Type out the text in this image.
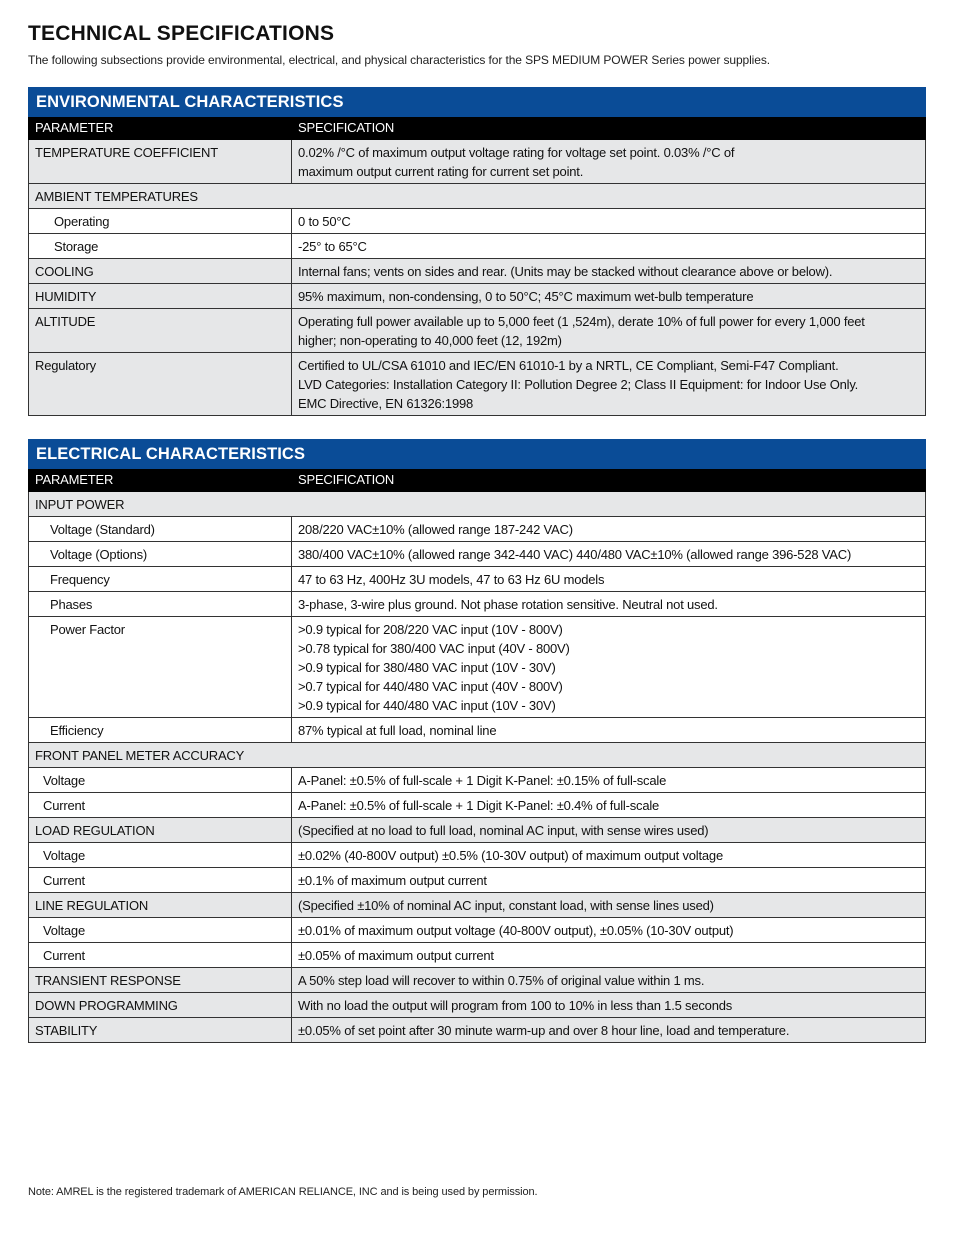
TECHNICAL SPECIFICATIONS

The following subsections provide environmental, electrical, and physical characteristics for the SPS MEDIUM POWER Series power supplies.

ENVIRONMENTAL CHARACTERISTICS	
PARAMETER	SPECIFICATION
TEMPERATURE COEFFICIENT	0.02% /°C of maximum output voltage rating for voltage set point. 0.03% /°C of
maximum output current rating for current set point.

AMBIENT TEMPERATURES	
Operating	0 to 50°C
Storage	-25° to 65°C
COOLING	Internal fans; vents on sides and rear. (Units may be stacked without clearance above or below).
HUMIDITY	95% maximum, non-condensing, 0 to 50°C; 45°C maximum wet-bulb temperature
ALTITUDE	Operating full power available up to 5,000 feet (1 ,524m), derate 10% of full power for every 1,000 feet
higher; non-operating to 40,000 feet (12, 192m)

Regulatory	Certified to UL/CSA 61010 and IEC/EN 61010-1 by a NRTL, CE Compliant, Semi-F47 Compliant.
LVD Categories: Installation Category II: Pollution Degree 2; Class II Equipment: for Indoor Use Only.
EMC Directive, EN 61326:1998
ELECTRICAL CHARACTERISTICS	
PARAMETER	SPECIFICATION
INPUT POWER	
Voltage (Standard)	208/220 VAC±10% (allowed range 187-242 VAC)
Voltage (Options)	380/400 VAC±10% (allowed range 342-440 VAC) 440/480 VAC±10% (allowed range 396-528 VAC)
Frequency	47 to 63 Hz, 400Hz 3U models, 47 to 63 Hz 6U models
Phases	3-phase, 3-wire plus ground. Not phase rotation sensitive. Neutral not used.
Power Factor	>0.9 typical for 208/220 VAC input (10V - 800V)
>0.78 typical for 380/400 VAC input (40V - 800V)
>0.9 typical for 380/480 VAC input (10V - 30V)
>0.7 typical for 440/480 VAC input (40V - 800V)
>0.9 typical for 440/480 VAC input (10V - 30V)

Efficiency	87% typical at full load, nominal line
FRONT PANEL METER ACCURACY	
Voltage	A-Panel: ±0.5% of full-scale + 1 Digit K-Panel: ±0.15% of full-scale
Current	A-Panel: ±0.5% of full-scale + 1 Digit K-Panel: ±0.4% of full-scale
LOAD REGULATION	(Specified at no load to full load, nominal AC input, with sense wires used)
Voltage	±0.02% (40-800V output) ±0.5% (10-30V output) of maximum output voltage
Current	±0.1% of maximum output current
LINE REGULATION	(Specified ±10% of nominal AC input, constant load, with sense lines used)
Voltage	±0.01% of maximum output voltage (40-800V output), ±0.05% (10-30V output)
Current	±0.05% of maximum output current
TRANSIENT RESPONSE	A 50% step load will recover to within 0.75% of original value within 1 ms.
DOWN PROGRAMMING	With no load the output will program from 100 to 10% in less than 1.5 seconds
STABILITY	±0.05% of set point after 30 minute warm-up and over 8 hour line, load and temperature.

Note: AMREL is the registered trademark of AMERICAN RELIANCE, INC and is being used by permission.
